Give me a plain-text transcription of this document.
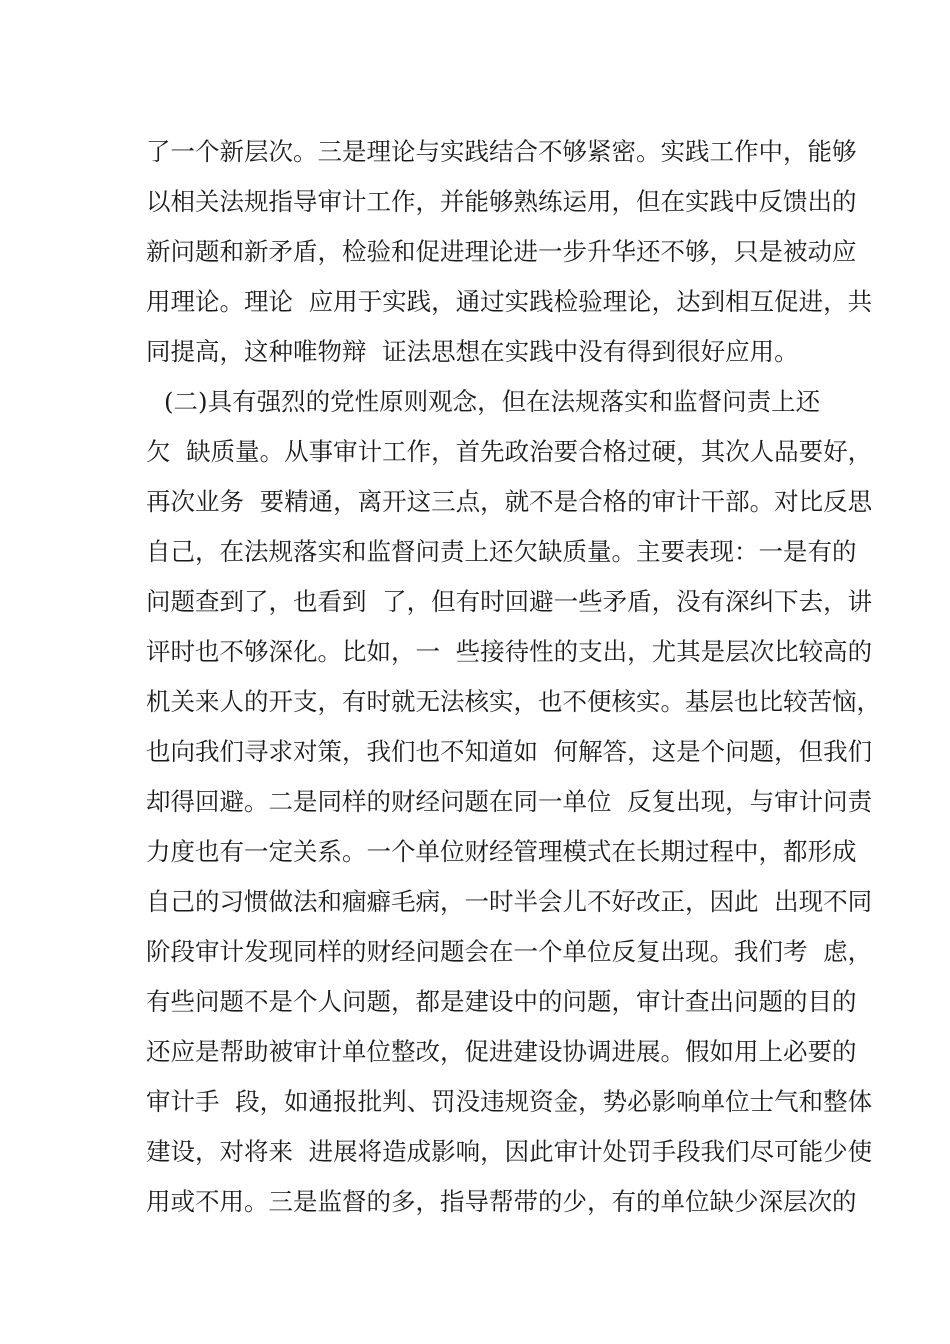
了一个新层次。三是理论与实践结合不够紧密。实践工作中，能够
以相关法规指导审计工作，并能够熟练运用，但在实践中反馈出的
新问题和新矛盾，检验和促进理论进一步升华还不够，只是被动应
用理论。理论  应用于实践，通过实践检验理论，达到相互促进，共
同提高，这种唯物辩  证法思想在实践中没有得到很好应用。
(二)具有强烈的党性原则观念，但在法规落实和监督问责上还
欠  缺质量。从事审计工作，首先政治要合格过硬，其次人品要好，
再次业务  要精通，离开这三点，就不是合格的审计干部。对比反思
自己，在法规落实和监督问责上还欠缺质量。主要表现：一是有的
问题查到了，也看到  了，但有时回避一些矛盾，没有深纠下去，讲
评时也不够深化。比如，一  些接待性的支出，尤其是层次比较高的
机关来人的开支，有时就无法核实，也不便核实。基层也比较苦恼，
也向我们寻求对策，我们也不知道如  何解答，这是个问题，但我们
却得回避。二是同样的财经问题在同一单位  反复出现，与审计问责
力度也有一定关系。一个单位财经管理模式在长期过程中，都形成
自己的习惯做法和痼癖毛病，一时半会儿不好改正，因此  出现不同
阶段审计发现同样的财经问题会在一个单位反复出现。我们考  虑，
有些问题不是个人问题，都是建设中的问题，审计查出问题的目的
还应是帮助被审计单位整改，促进建设协调进展。假如用上必要的
审计手  段，如通报批判、罚没违规资金，势必影响单位士气和整体
建设，对将来  进展将造成影响，因此审计处罚手段我们尽可能少使
用或不用。三是监督的多，指导帮带的少，有的单位缺少深层次的
